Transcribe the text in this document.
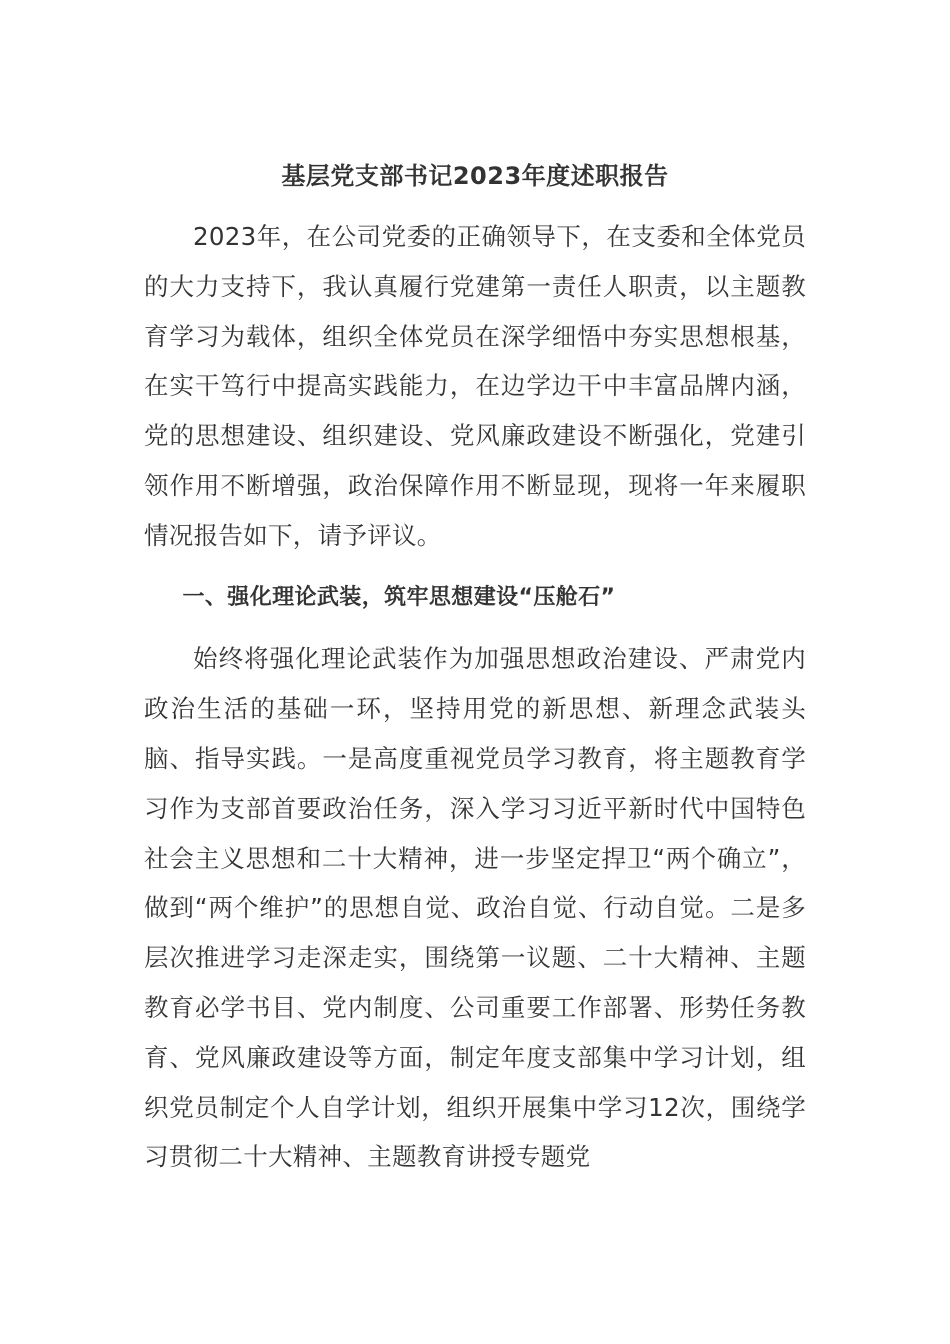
基层党支部书记2023年度述职报告

2023年，在公司党委的正确领导下，在支委和全体党员的大力支持下，我认真履行党建第一责任人职责，以主题教育学习为载体，组织全体党员在深学细悟中夯实思想根基，在实干笃行中提高实践能力，在边学边干中丰富品牌内涵，党的思想建设、组织建设、党风廉政建设不断强化，党建引领作用不断增强，政治保障作用不断显现，现将一年来履职情况报告如下，请予评议。

一、强化理论武装，筑牢思想建设“压舱石”

始终将强化理论武装作为加强思想政治建设、严肃党内政治生活的基础一环，坚持用党的新思想、新理念武装头脑、指导实践。一是高度重视党员学习教育，将主题教育学习作为支部首要政治任务，深入学习习近平新时代中国特色社会主义思想和二十大精神，进一步坚定捍卫“两个确立”，做到“两个维护”的思想自觉、政治自觉、行动自觉。二是多层次推进学习走深走实，围绕第一议题、二十大精神、主题教育必学书目、党内制度、公司重要工作部署、形势任务教育、党风廉政建设等方面，制定年度支部集中学习计划，组织党员制定个人自学计划，组织开展集中学习12次，围绕学习贯彻二十大精神、主题教育讲授专题党
